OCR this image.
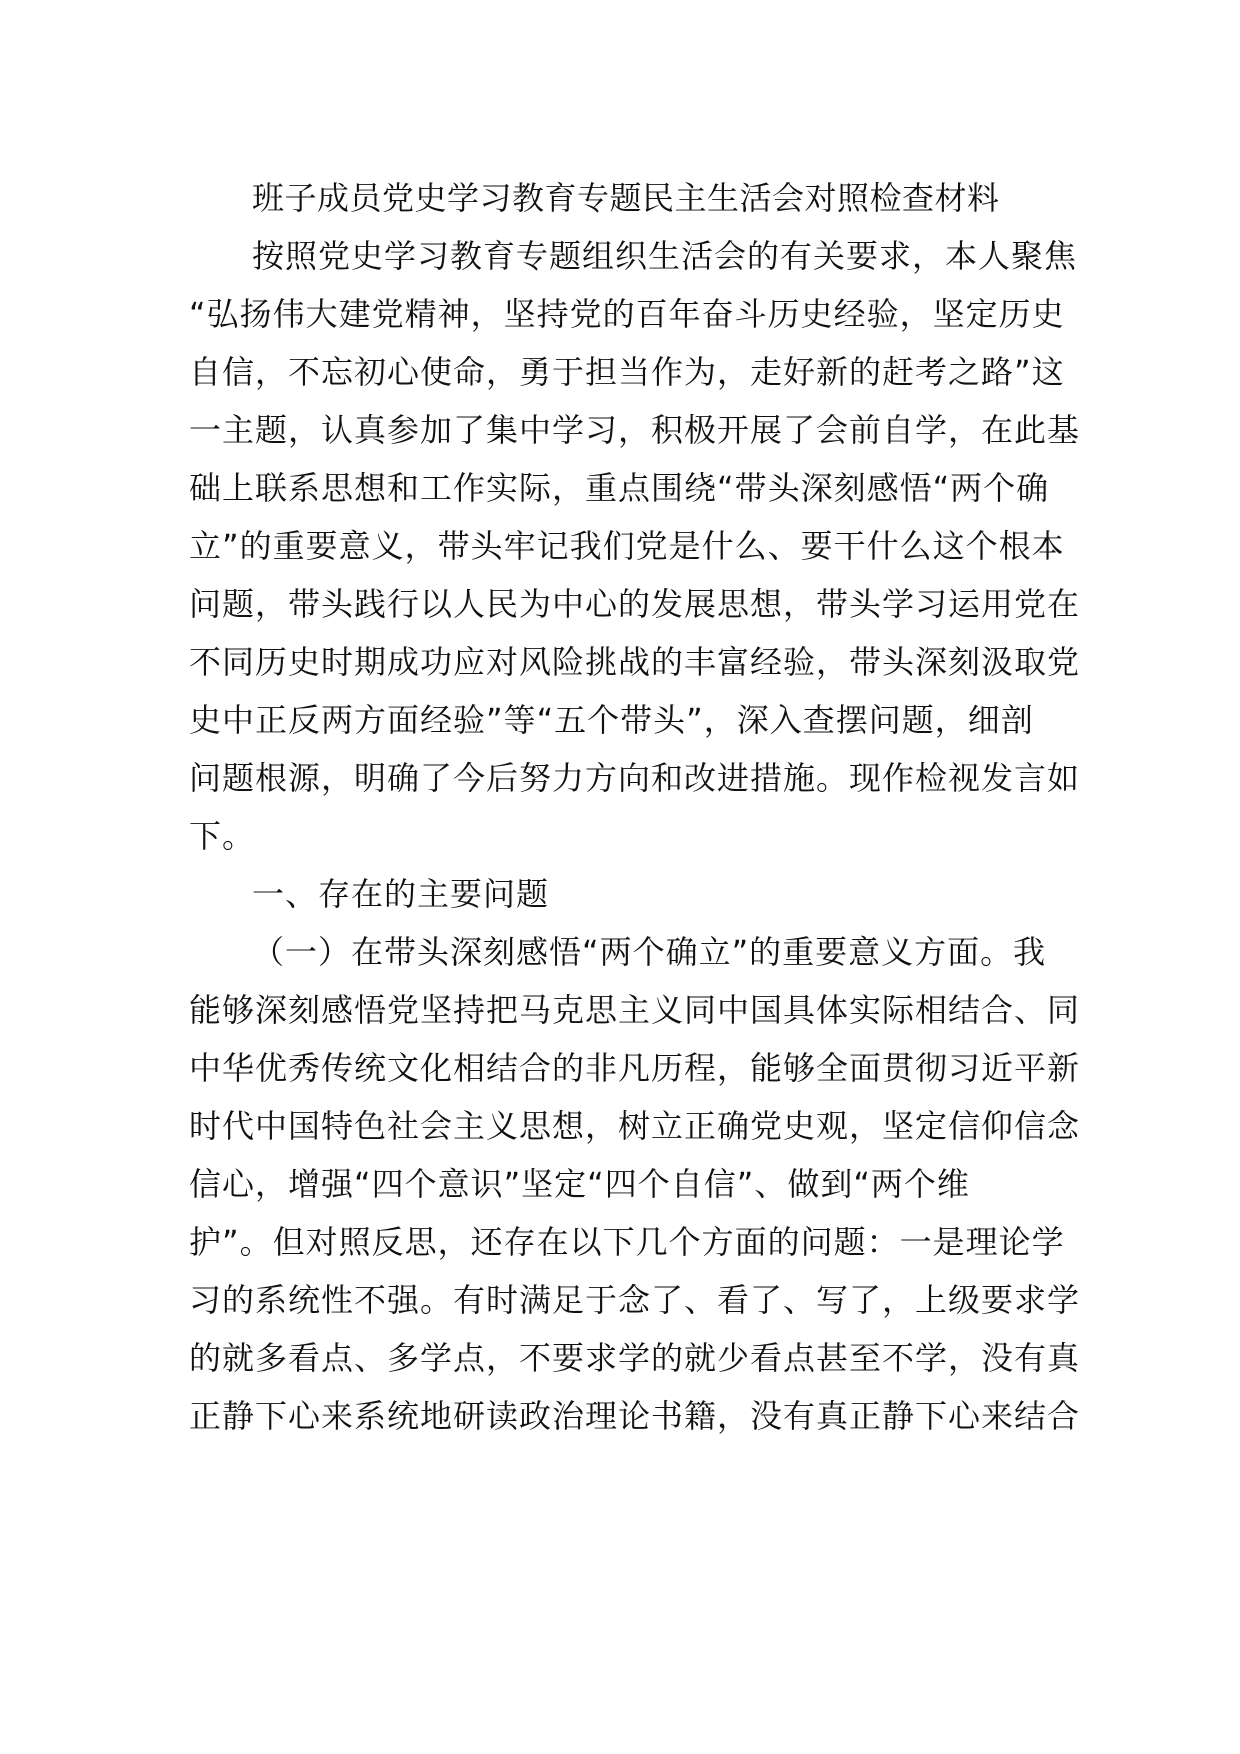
班子成员党史学习教育专题民主生活会对照检查材料
按照党史学习教育专题组织生活会的有关要求，本人聚焦
“弘扬伟大建党精神，坚持党的百年奋斗历史经验，坚定历史
自信，不忘初心使命，勇于担当作为，走好新的赶考之路”这
一主题，认真参加了集中学习，积极开展了会前自学，在此基
础上联系思想和工作实际，重点围绕“带头深刻感悟“两个确
立”的重要意义，带头牢记我们党是什么、要干什么这个根本
问题，带头践行以人民为中心的发展思想，带头学习运用党在
不同历史时期成功应对风险挑战的丰富经验，带头深刻汲取党
史中正反两方面经验”等“五个带头”，深入查摆问题，细剖
问题根源，明确了今后努力方向和改进措施。现作检视发言如
下。
一、存在的主要问题
（一）在带头深刻感悟“两个确立”的重要意义方面。我
能够深刻感悟党坚持把马克思主义同中国具体实际相结合、同
中华优秀传统文化相结合的非凡历程，能够全面贯彻习近平新
时代中国特色社会主义思想，树立正确党史观，坚定信仰信念
信心，增强“四个意识”坚定“四个自信”、做到“两个维
护”。但对照反思，还存在以下几个方面的问题：一是理论学
习的系统性不强。有时满足于念了、看了、写了，上级要求学
的就多看点、多学点，不要求学的就少看点甚至不学，没有真
正静下心来系统地研读政治理论书籍，没有真正静下心来结合
